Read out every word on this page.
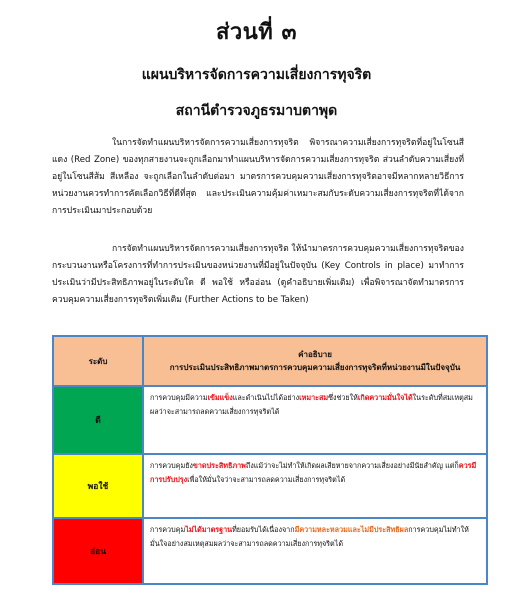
ส่วนที่ ๓
แผนบริหารจัดการความเสี่ยงการทุจริต
สถานีตำรวจภูธรมาบตาพุด

ในการจัดทำแผนบริหารจัดการความเสี่ยงการทุจริต พิจารณาความเสี่ยงการทุจริตที่อยู่ในโซนสีแดง (Red Zone) ของทุกสายงานจะถูกเลือกมาทำแผนบริหารจัดการความเสี่ยงการทุจริต ส่วนลำดับความเสี่ยงที่อยู่ในโซนสีส้ม สีเหลือง จะถูกเลือกในลำดับต่อมา มาตรการควบคุมความเสี่ยงการทุจริตอาจมีหลากหลายวิธีการ หน่วยงานควรทำการคัดเลือกวิธีที่ดีที่สุด และประเมินความคุ้มค่าเหมาะสมกับระดับความเสี่ยงการทุจริตที่ได้จากการประเมินมาประกอบด้วย

การจัดทำแผนบริหารจัดการความเสี่ยงการทุจริต ให้นำมาตรการควบคุมความเสี่ยงการทุจริตของกระบวนงานหรือโครงการที่ทำการประเมินของหน่วยงานที่มีอยู่ในปัจจุบัน (Key Controls in place) มาทำการประเมินว่ามีประสิทธิภาพอยู่ในระดับใด ดี พอใช้ หรืออ่อน (ดูคำอธิบายเพิ่มเติม) เพื่อพิจารณาจัดทำมาตรการควบคุมความเสี่ยงการทุจริตเพิ่มเติม (Further Actions to be Taken)

ระดับ	คำอธิบาย
การประเมินประสิทธิภาพมาตรการควบคุมความเสี่ยงการทุจริตที่หน่วยงานมีในปัจจุบัน
ดี	การควบคุมมีความเข้มแข็งและดำเนินไปได้อย่างเหมาะสมซึ่งช่วยให้เกิดความมั่นใจได้ในระดับที่สมเหตุสมผลว่าจะสามารถลดความเสี่ยงการทุจริตได้
พอใช้	การควบคุมยังขาดประสิทธิภาพถึงแม้ว่าจะไม่ทำให้เกิดผลเสียหายจากความเสี่ยงอย่างมีนัยสำคัญ แต่ก็ควรมีการปรับปรุงเพื่อให้มั่นใจว่าจะสามารถลดความเสี่ยงการทุจริตได้
อ่อน	การควบคุมไม่ได้มาตรฐานที่ยอมรับได้เนื่องจากมีความหละหลวมและไม่มีประสิทธิผลการควบคุมไม่ทำให้มั่นใจอย่างสมเหตุสมผลว่าจะสามารถลดความเสี่ยงการทุจริตได้
